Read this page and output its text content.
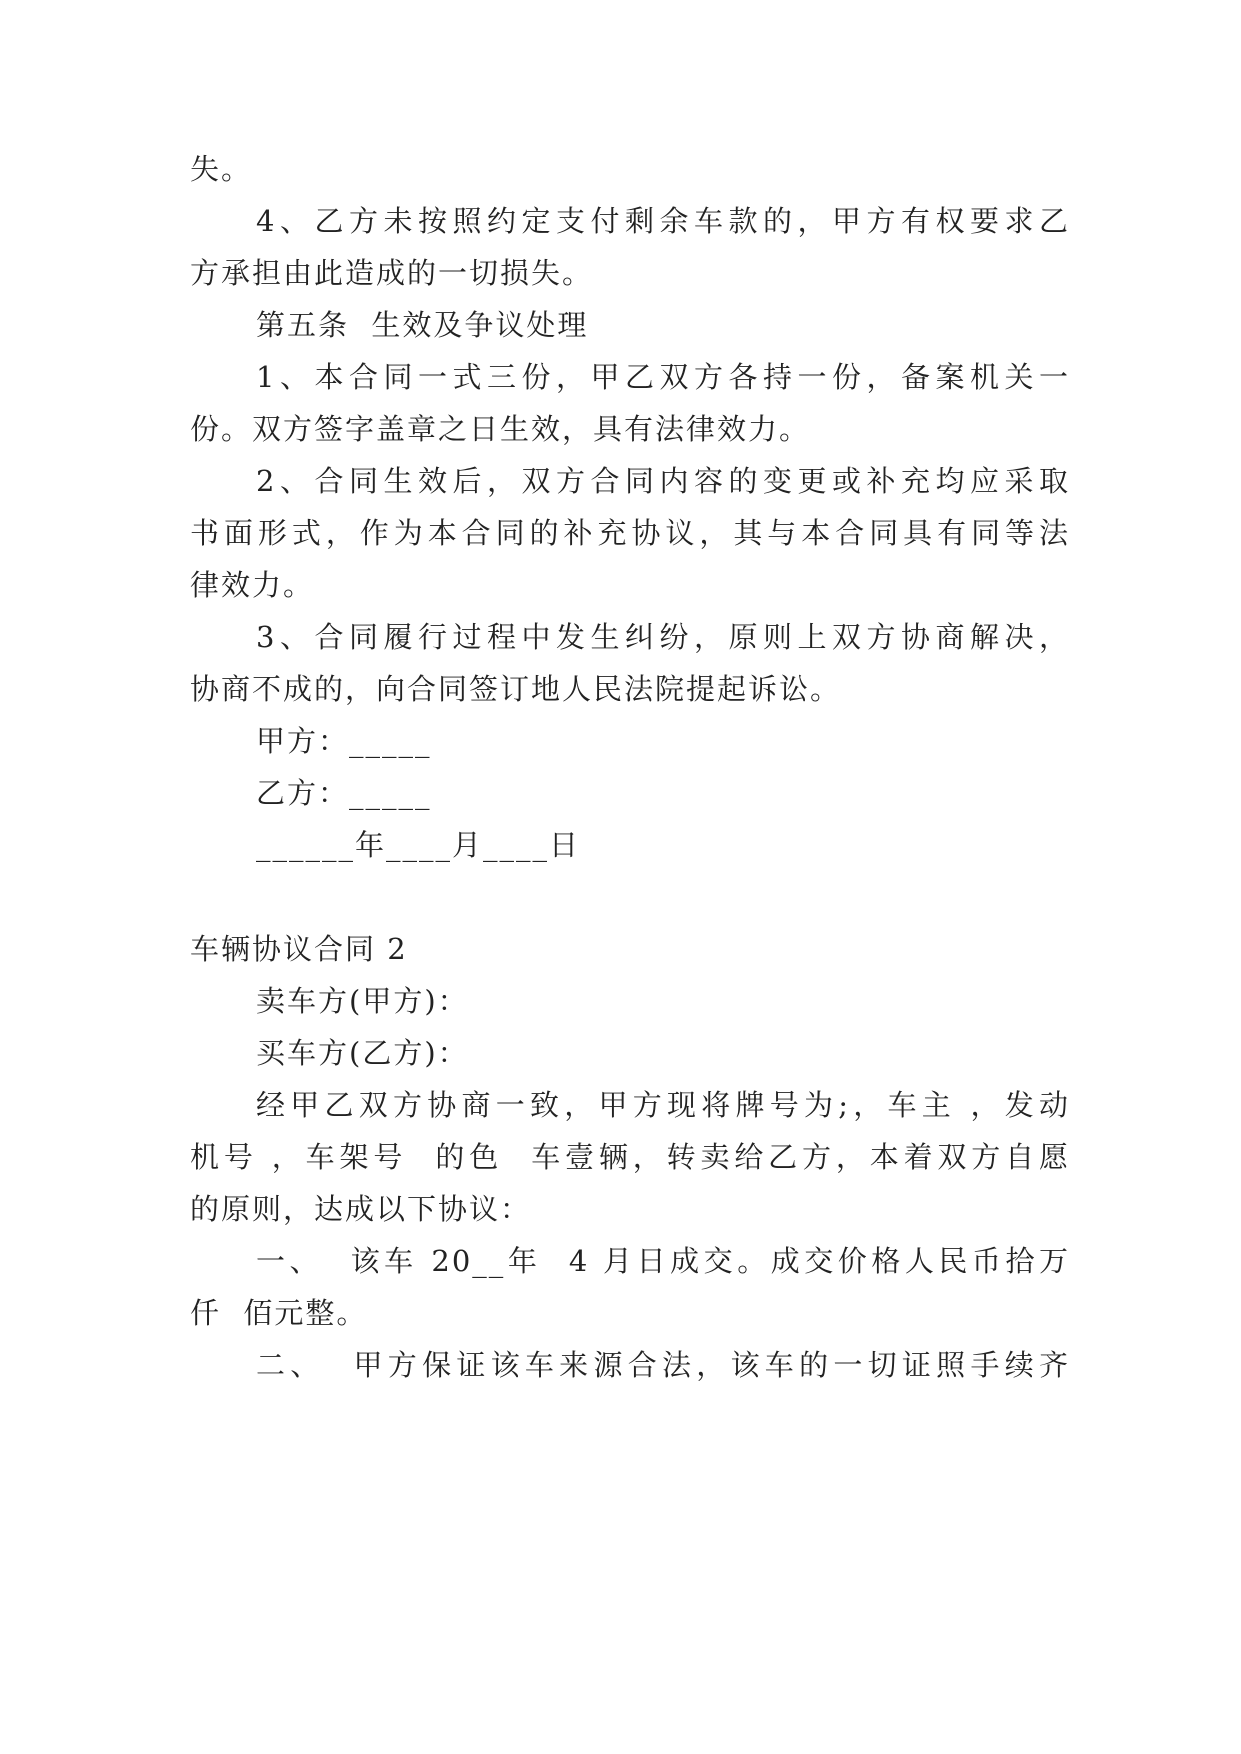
失。
4、乙方未按照约定支付剩余车款的，甲方有权要求乙
方承担由此造成的一切损失。
第五条  生效及争议处理
1、本合同一式三份，甲乙双方各持一份，备案机关一
份。双方签字盖章之日生效，具有法律效力。
2、合同生效后，双方合同内容的变更或补充均应采取
书面形式，作为本合同的补充协议，其与本合同具有同等法
律效力。
3、合同履行过程中发生纠纷，原则上双方协商解决，
协商不成的，向合同签订地人民法院提起诉讼。
甲方：_____
乙方：_____
______年____月____日
车辆协议合同 2
卖车方(甲方)：
买车方(乙方)：
经甲乙双方协商一致，甲方现将牌号为;，车主 ，发动
机号 ，车架号  的色  车壹辆，转卖给乙方，本着双方自愿
的原则，达成以下协议：
一、  该车 20__年  4 月日成交。成交价格人民币拾万
仟  佰元整。
二、  甲方保证该车来源合法，该车的一切证照手续齐
